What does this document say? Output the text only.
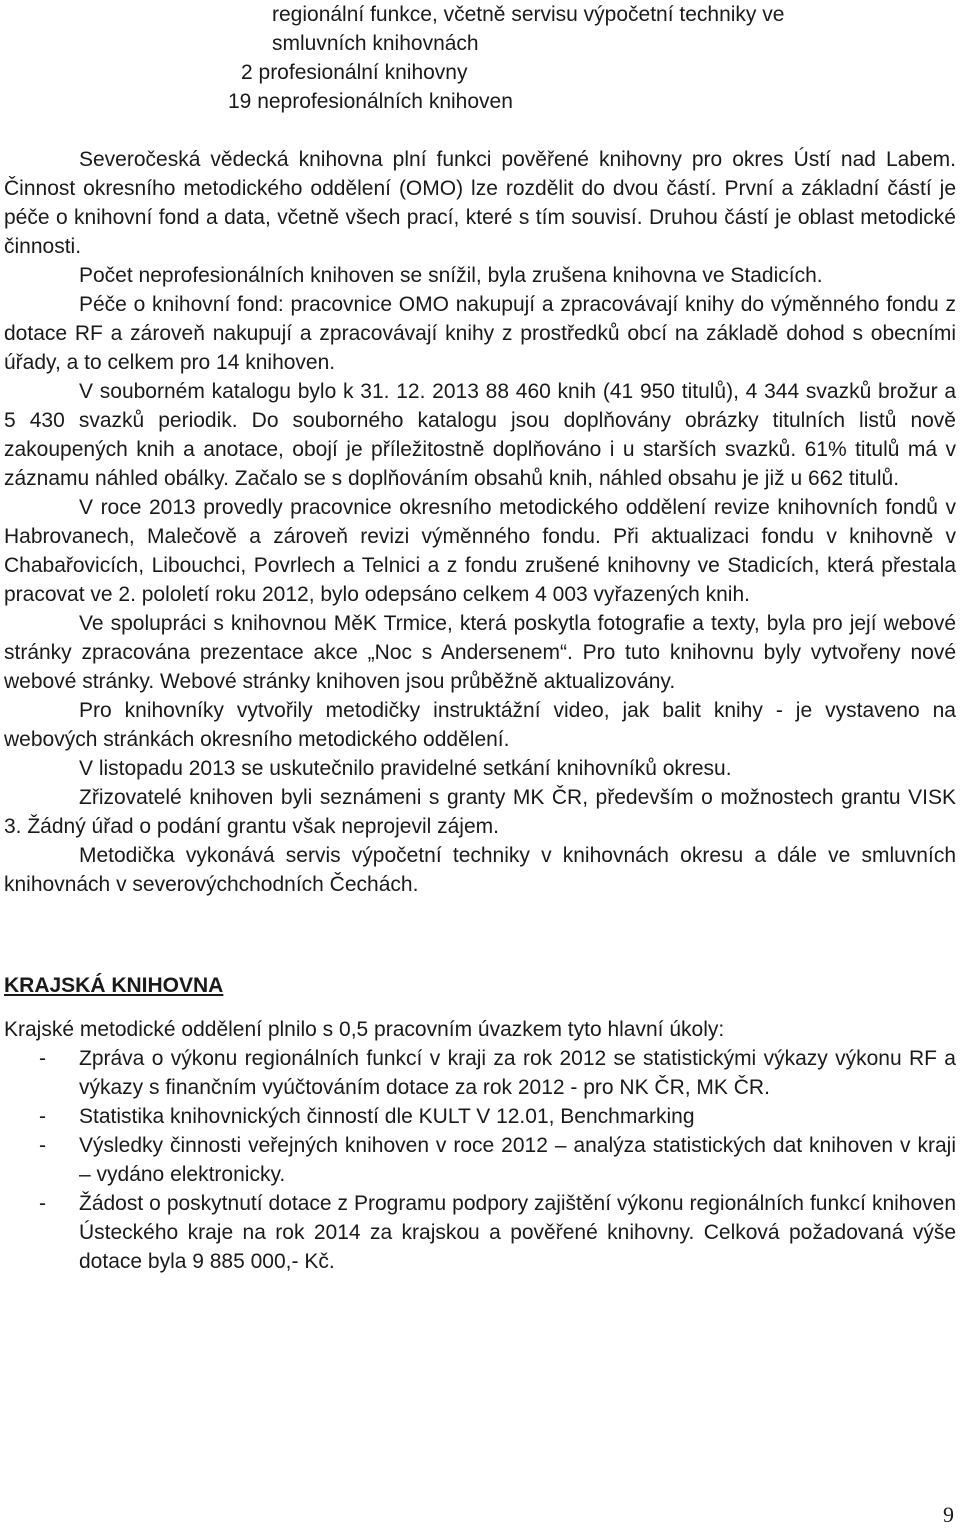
regionální funkce, včetně servisu výpočetní techniky ve
smluvních knihovnách
2 profesionální knihovny
19 neprofesionálních knihoven

Severočeská vědecká knihovna plní funkci pověřené knihovny pro okres Ústí nad Labem. Činnost okresního metodického oddělení (OMO) lze rozdělit do dvou částí. První a základní částí je péče o knihovní fond a data, včetně všech prací, které s tím souvisí. Druhou částí je oblast metodické činnosti.

Počet neprofesionálních knihoven se snížil, byla zrušena knihovna ve Stadicích.

Péče o knihovní fond: pracovnice OMO nakupují a zpracovávají knihy do výměnného fondu z dotace RF a zároveň nakupují a zpracovávají knihy z prostředků obcí na základě dohod s obecními úřady, a to celkem pro 14 knihoven.

V souborném katalogu bylo k 31. 12. 2013 88 460 knih (41 950 titulů), 4 344 svazků brožur a 5 430 svazků periodik. Do souborného katalogu jsou doplňovány obrázky titulních listů nově zakoupených knih a anotace, obojí je příležitostně doplňováno i u starších svazků. 61% titulů má v záznamu náhled obálky. Začalo se s doplňováním obsahů knih, náhled obsahu je již u 662 titulů.

V roce 2013 provedly pracovnice okresního metodického oddělení revize knihovních fondů v Habrovanech, Malečově a zároveň revizi výměnného fondu. Při aktualizaci fondu v knihovně v Chabařovicích, Libouchci, Povrlech a Telnici a z fondu zrušené knihovny ve Stadicích, která přestala pracovat ve 2. pololetí roku 2012, bylo odepsáno celkem 4 003 vyřazených knih.

Ve spolupráci s knihovnou MěK Trmice, která poskytla fotografie a texty, byla pro její webové stránky zpracována prezentace akce „Noc s Andersenem“. Pro tuto knihovnu byly vytvořeny nové webové stránky. Webové stránky knihoven jsou průběžně aktualizovány.

Pro knihovníky vytvořily metodičky instruktážní video, jak balit knihy - je vystaveno na webových stránkách okresního metodického oddělení.

V listopadu 2013 se uskutečnilo pravidelné setkání knihovníků okresu.

Zřizovatelé knihoven byli seznámeni s granty MK ČR, především o možnostech grantu VISK 3. Žádný úřad o podání grantu však neprojevil zájem.

Metodička vykonává servis výpočetní techniky v knihovnách okresu a dále ve smluvních knihovnách v severovýchchodních Čechách.

KRAJSKÁ KNIHOVNA

Krajské metodické oddělení plnilo s 0,5 pracovním úvazkem tyto hlavní úkoly:

- Zpráva o výkonu regionálních funkcí v kraji za rok 2012 se statistickými výkazy výkonu RF a výkazy s finančním vyúčtováním dotace za rok 2012 - pro NK ČR, MK ČR.
- Statistika knihovnických činností dle KULT V 12.01, Benchmarking
- Výsledky činnosti veřejných knihoven v roce 2012 – analýza statistických dat knihoven v kraji – vydáno elektronicky.
- Žádost o poskytnutí dotace z Programu podpory zajištění výkonu regionálních funkcí knihoven Ústeckého kraje na rok 2014 za krajskou a pověřené knihovny. Celková požadovaná výše dotace byla 9 885 000,- Kč.
9
